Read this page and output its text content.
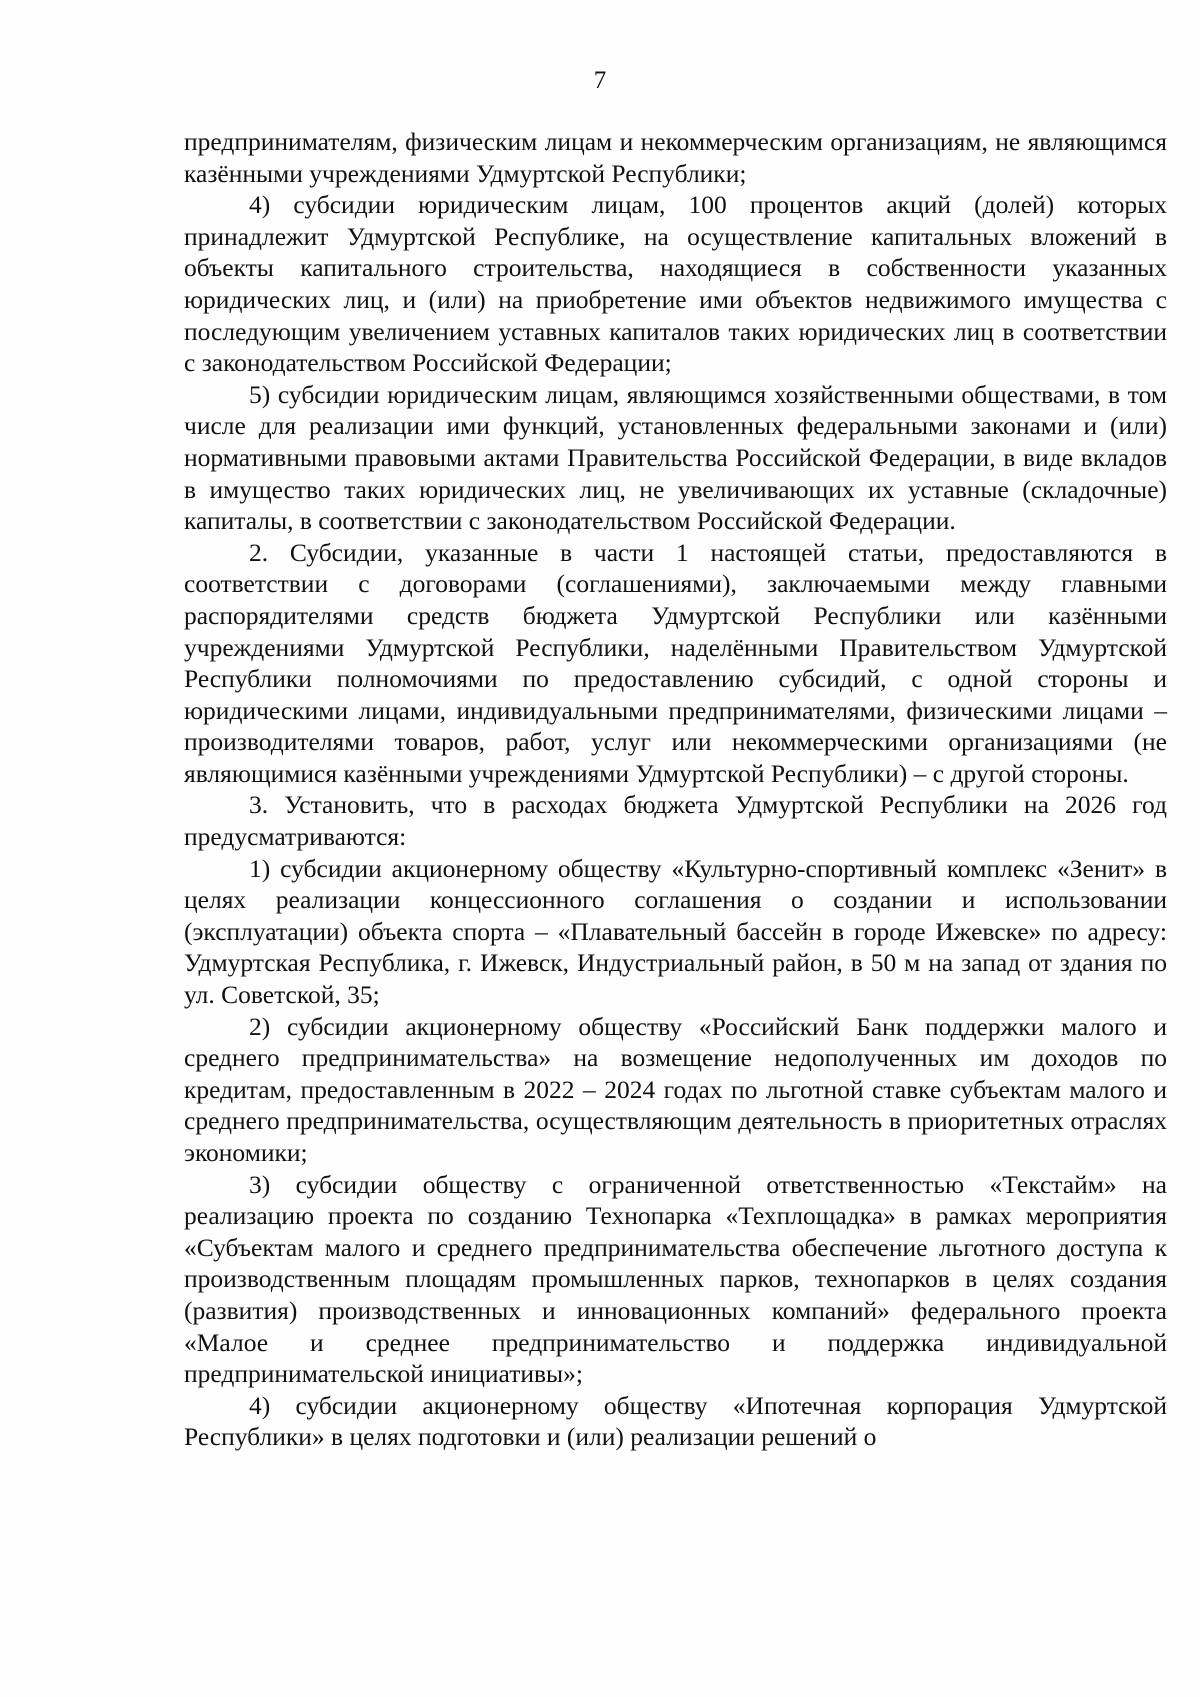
7

предпринимателям, физическим лицам и некоммерческим организациям, не являющимся казёнными учреждениями Удмуртской Республики;

4) субсидии юридическим лицам, 100 процентов акций (долей) которых принадлежит Удмуртской Республике, на осуществление капитальных вложений в объекты капитального строительства, находящиеся в собственности указанных юридических лиц, и (или) на приобретение ими объектов недвижимого имущества с последующим увеличением уставных капиталов таких юридических лиц в соответствии с законодательством Российской Федерации;

5) субсидии юридическим лицам, являющимся хозяйственными обществами, в том числе для реализации ими функций, установленных федеральными законами и (или) нормативными правовыми актами Правительства Российской Федерации, в виде вкладов в имущество таких юридических лиц, не увеличивающих их уставные (складочные) капиталы, в соответствии с законодательством Российской Федерации.

2. Субсидии, указанные в части 1 настоящей статьи, предоставляются в соответствии с договорами (соглашениями), заключаемыми между главными распорядителями средств бюджета Удмуртской Республики или казёнными учреждениями Удмуртской Республики, наделёнными Правительством Удмуртской Республики полномочиями по предоставлению субсидий, с одной стороны и юридическими лицами, индивидуальными предпринимателями, физическими лицами – производителями товаров, работ, услуг или некоммерческими организациями (не являющимися казёнными учреждениями Удмуртской Республики) – с другой стороны.

3. Установить, что в расходах бюджета Удмуртской Республики на 2026 год предусматриваются:

1) субсидии акционерному обществу «Культурно-спортивный комплекс «Зенит» в целях реализации концессионного соглашения о создании и использовании (эксплуатации) объекта спорта – «Плавательный бассейн в городе Ижевске» по адресу: Удмуртская Республика, г. Ижевск, Индустриальный район, в 50 м на запад от здания по ул. Советской, 35;

2) субсидии акционерному обществу «Российский Банк поддержки малого и среднего предпринимательства» на возмещение недополученных им доходов по кредитам, предоставленным в 2022 – 2024 годах по льготной ставке субъектам малого и среднего предпринимательства, осуществляющим деятельность в приоритетных отраслях экономики;

3) субсидии обществу с ограниченной ответственностью «Текстайм» на реализацию проекта по созданию Технопарка «Техплощадка» в рамках мероприятия «Субъектам малого и среднего предпринимательства обеспечение льготного доступа к производственным площадям промышленных парков, технопарков в целях создания (развития) производственных и инновационных компаний» федерального проекта «Малое и среднее предпринимательство и поддержка индивидуальной предпринимательской инициативы»;

4) субсидии акционерному обществу «Ипотечная корпорация Удмуртской Республики» в целях подготовки и (или) реализации решений о
